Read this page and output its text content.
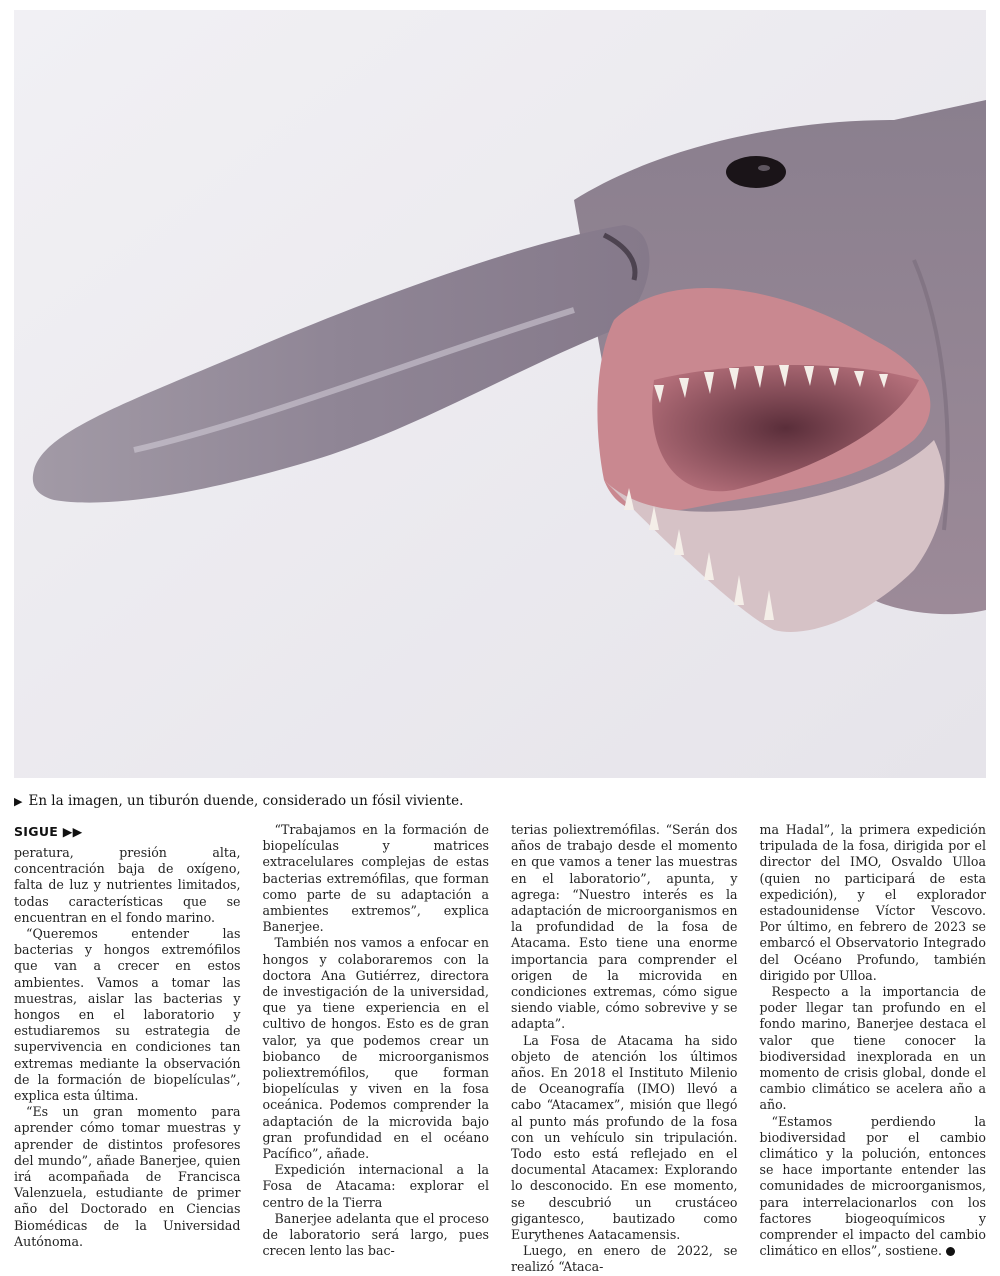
▶ En la imagen, un tiburón duende, considerado un fósil viviente.
SIGUE ▶▶

peratura, presión alta, concentración baja de oxígeno, falta de luz y nutrientes limitados, todas características que se encuentran en el fondo marino.

“Queremos entender las bacterias y hongos extremófilos que van a crecer en estos ambientes. Vamos a tomar las muestras, aislar las bacterias y hongos en el laboratorio y estudiaremos su estrategia de supervivencia en condiciones tan extremas mediante la observación de la formación de biopelículas”, explica esta última.

“Es un gran momento para aprender cómo tomar muestras y aprender de distintos profesores del mundo”, añade Banerjee, quien irá acompañada de Francisca Valenzuela, estudiante de primer año del Doctorado en Ciencias Biomédicas de la Universidad Autónoma.

“Trabajamos en la formación de biopelículas y matrices extracelulares complejas de estas bacterias extremófilas, que forman como parte de su adaptación a ambientes extremos”, explica Banerjee.

También nos vamos a enfocar en hongos y colaboraremos con la doctora Ana Gutiérrez, directora de investigación de la universidad, que ya tiene experiencia en el cultivo de hongos. Esto es de gran valor, ya que podemos crear un biobanco de microorganismos poliextremófilos, que forman biopelículas y viven en la fosa oceánica. Podemos comprender la adaptación de la microvida bajo gran profundidad en el océano Pacífico”, añade.

Expedición internacional a la Fosa de Atacama: explorar el centro de la Tierra

Banerjee adelanta que el proceso de laboratorio será largo, pues crecen lento las bac-

terias poliextremófilas. “Serán dos años de trabajo desde el momento en que vamos a tener las muestras en el laboratorio”, apunta, y agrega: “Nuestro interés es la adaptación de microorganismos en la profundidad de la fosa de Atacama. Esto tiene una enorme importancia para comprender el origen de la microvida en condiciones extremas, cómo sigue siendo viable, cómo sobrevive y se adapta”.

La Fosa de Atacama ha sido objeto de atención los últimos años. En 2018 el Instituto Milenio de Oceanografía (IMO) llevó a cabo “Atacamex”, misión que llegó al punto más profundo de la fosa con un vehículo sin tripulación. Todo esto está reflejado en el documental Atacamex: Explorando lo desconocido. En ese momento, se descubrió un crustáceo gigantesco, bautizado como Eurythenes Aatacamensis.

Luego, en enero de 2022, se realizó “Ataca-

ma Hadal”, la primera expedición tripulada de la fosa, dirigida por el director del IMO, Osvaldo Ulloa (quien no participará de esta expedición), y el explorador estadounidense Víctor Vescovo. Por último, en febrero de 2023 se embarcó el Observatorio Integrado del Océano Profundo, también dirigido por Ulloa.

Respecto a la importancia de poder llegar tan profundo en el fondo marino, Banerjee destaca el valor que tiene conocer la biodiversidad inexplorada en un momento de crisis global, donde el cambio climático se acelera año a año.

“Estamos perdiendo la biodiversidad por el cambio climático y la polución, entonces se hace importante entender las comunidades de microorganismos, para interrelacionarlos con los factores biogeoquímicos y comprender el impacto del cambio climático en ellos”, sostiene.
